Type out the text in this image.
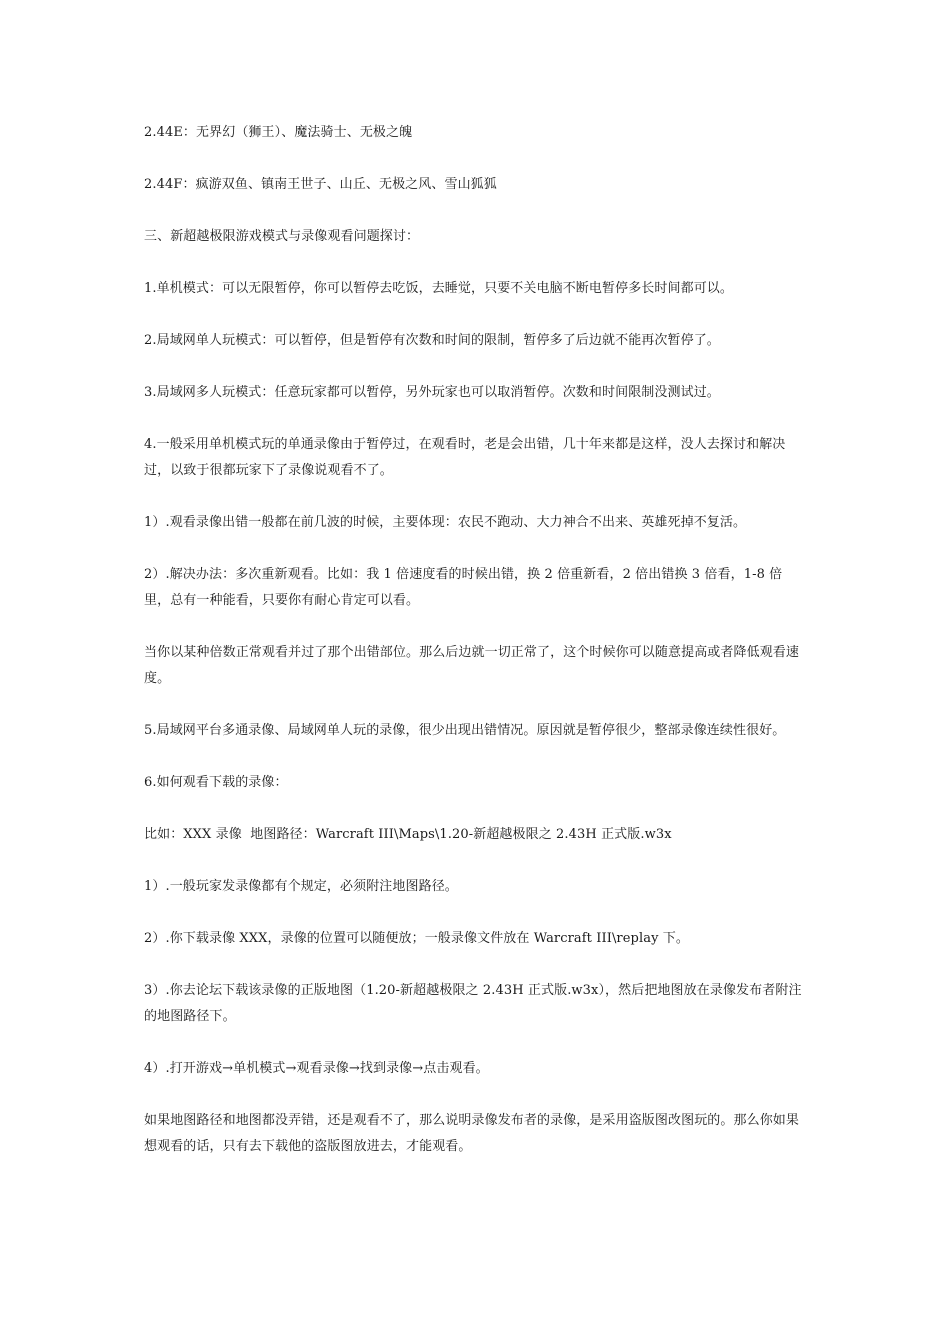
2.44E：无界幻（狮王）、魔法骑士、无极之魄

2.44F：疯游双鱼、镇南王世子、山丘、无极之风、雪山狐狐

三、新超越极限游戏模式与录像观看问题探讨：

1.单机模式：可以无限暂停，你可以暂停去吃饭，去睡觉，只要不关电脑不断电暂停多长时间都可以。

2.局域网单人玩模式：可以暂停，但是暂停有次数和时间的限制，暂停多了后边就不能再次暂停了。

3.局域网多人玩模式：任意玩家都可以暂停，另外玩家也可以取消暂停。次数和时间限制没测试过。

4.一般采用单机模式玩的单通录像由于暂停过，在观看时，老是会出错，几十年来都是这样，没人去探讨和解决过，以致于很都玩家下了录像说观看不了。

1）.观看录像出错一般都在前几波的时候，主要体现：农民不跑动、大力神合不出来、英雄死掉不复活。

2）.解决办法：多次重新观看。比如：我 1 倍速度看的时候出错，换 2 倍重新看，2 倍出错换 3 倍看，1-8 倍里，总有一种能看，只要你有耐心肯定可以看。

当你以某种倍数正常观看并过了那个出错部位。那么后边就一切正常了，这个时候你可以随意提高或者降低观看速度。

5.局域网平台多通录像、局域网单人玩的录像，很少出现出错情况。原因就是暂停很少，整部录像连续性很好。

6.如何观看下载的录像：

比如：XXX 录像  地图路径：Warcraft III\Maps\1.20-新超越极限之 2.43H 正式版.w3x

1）.一般玩家发录像都有个规定，必须附注地图路径。

2）.你下载录像 XXX，录像的位置可以随便放；一般录像文件放在 Warcraft III\replay 下。

3）.你去论坛下载该录像的正版地图（1.20-新超越极限之 2.43H 正式版.w3x），然后把地图放在录像发布者附注的地图路径下。

4）.打开游戏→单机模式→观看录像→找到录像→点击观看。

如果地图路径和地图都没弄错，还是观看不了，那么说明录像发布者的录像，是采用盗版图改图玩的。那么你如果想观看的话，只有去下载他的盗版图放进去，才能观看。
